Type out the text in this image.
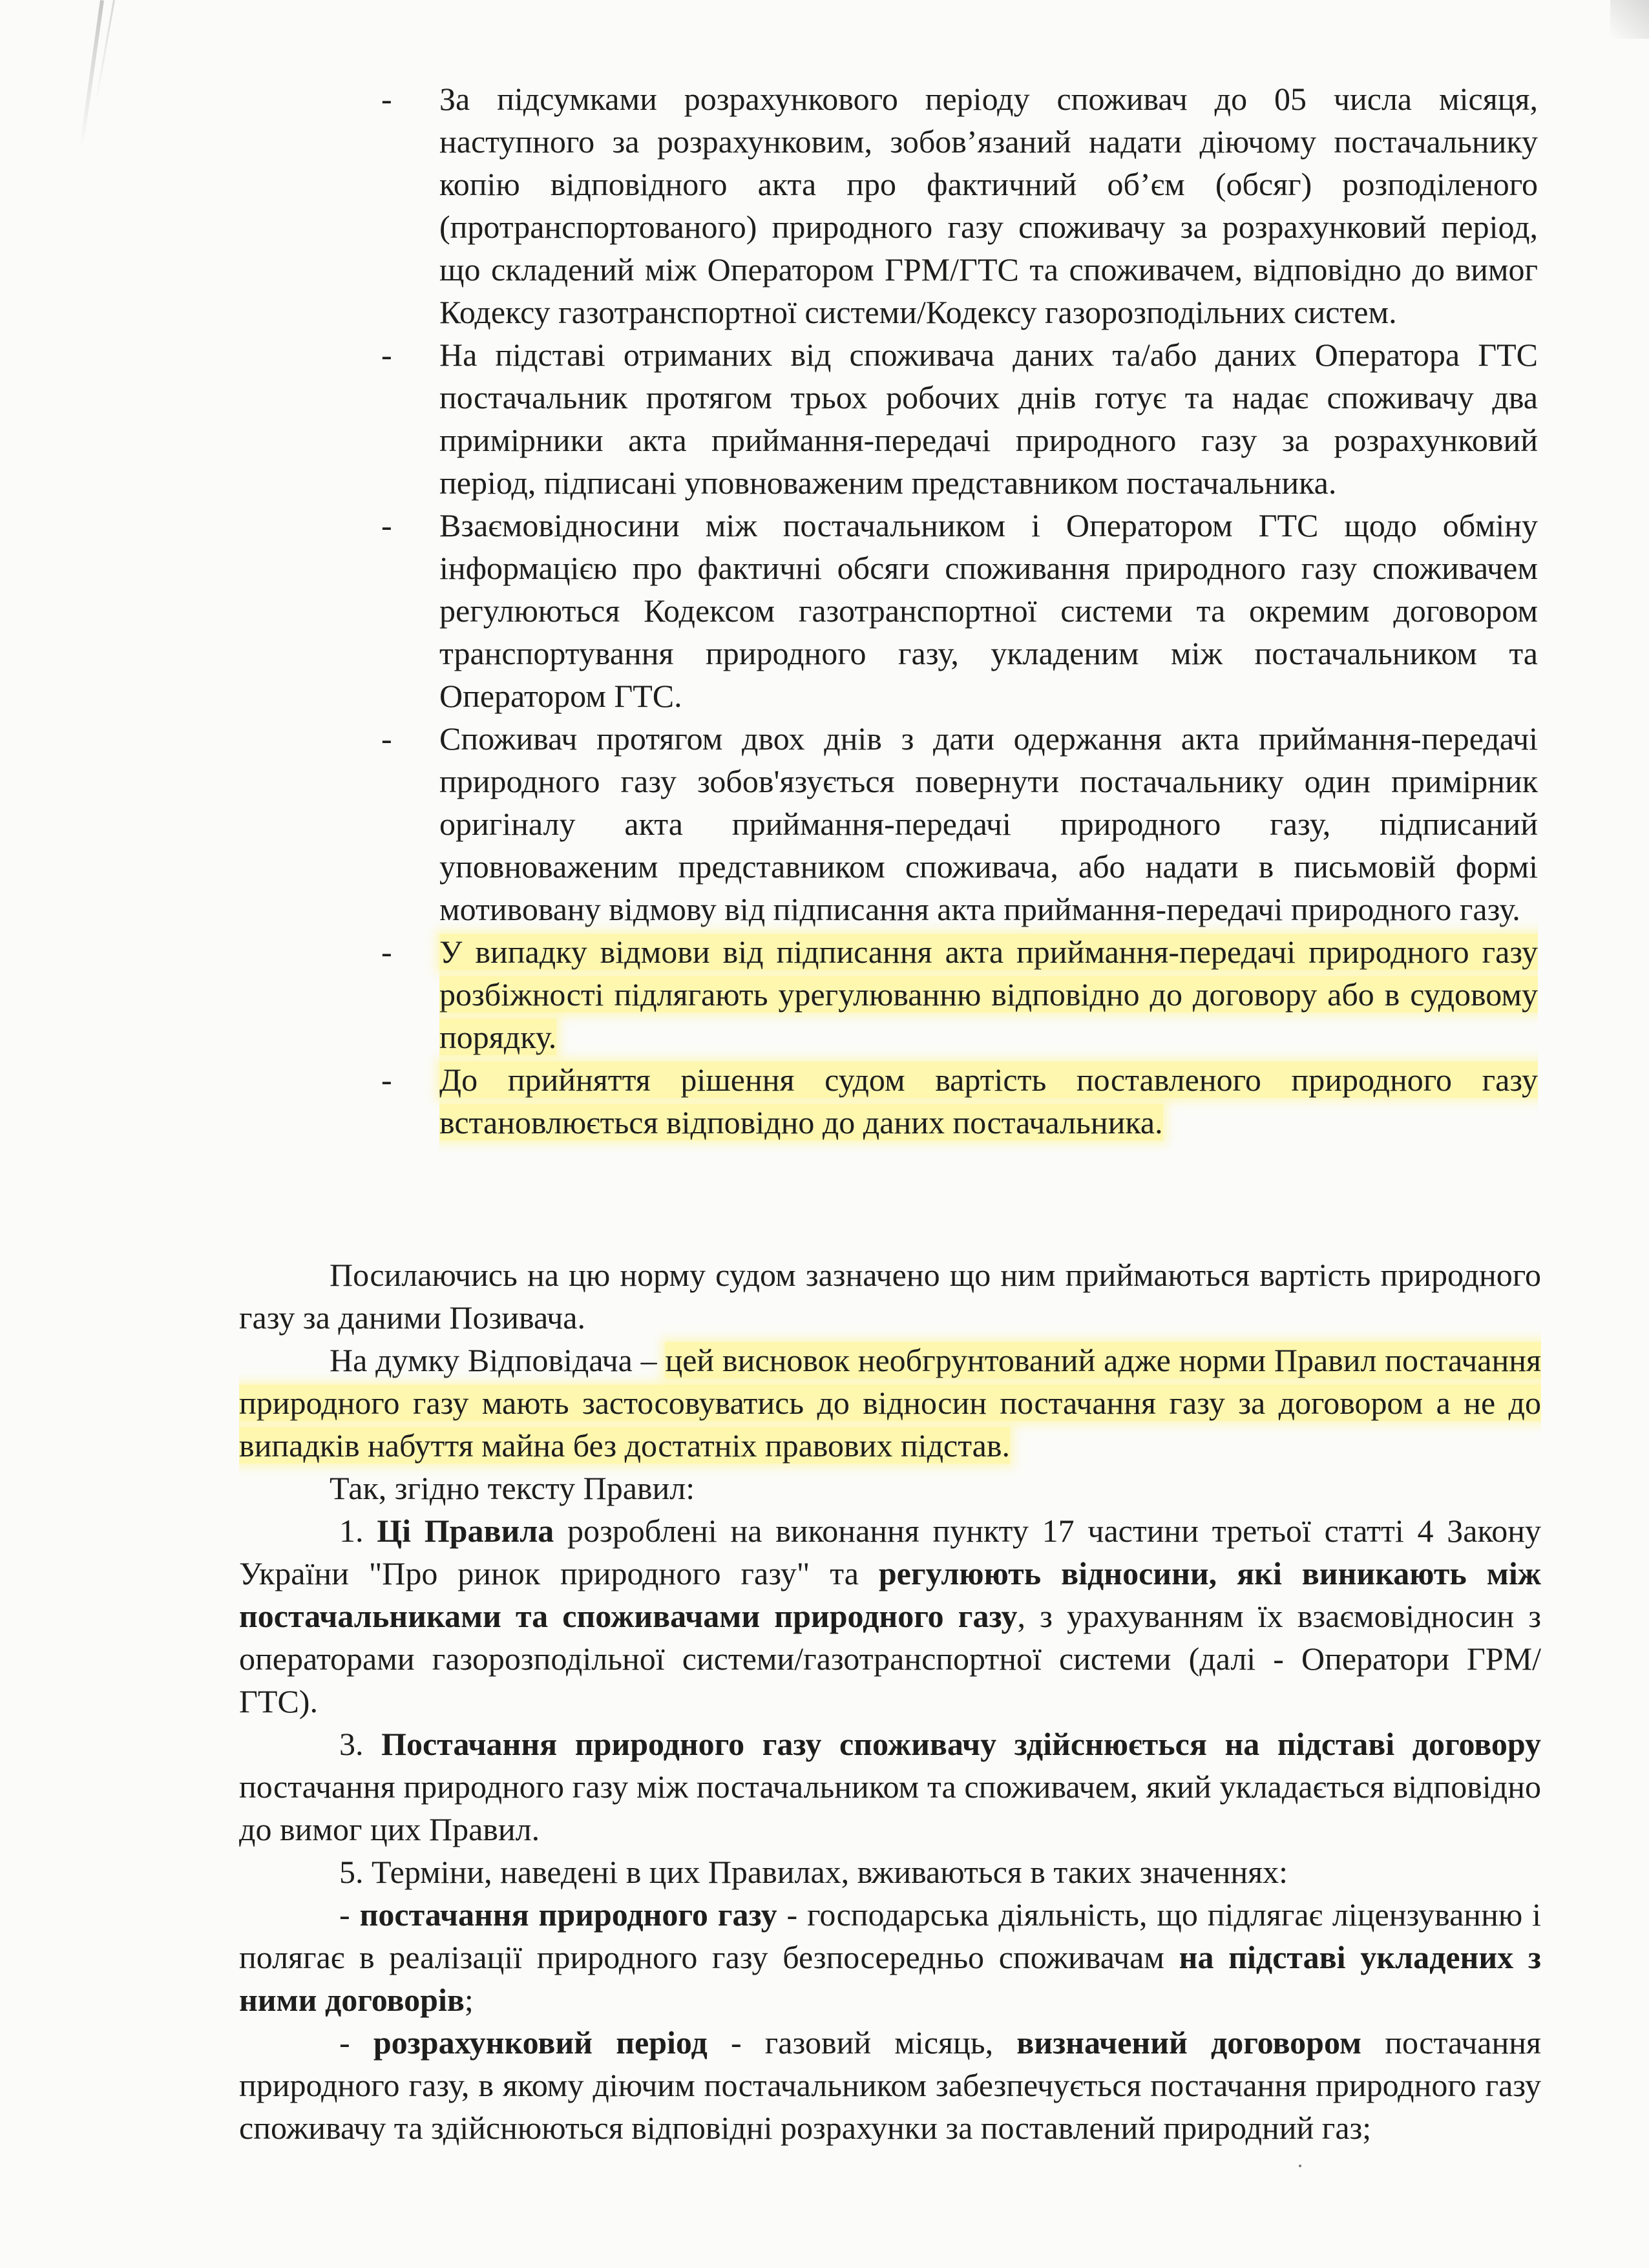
- За підсумками розрахункового періоду споживач до 05 числа місяця, наступного за розрахунковим, зобов’язаний надати діючому постачальнику копію відповідного акта про фактичний об’єм (обсяг) розподіленого (протранспортованого) природного газу споживачу за розрахунковий період, що складений між Оператором ГРМ/ГТС та споживачем, відповідно до вимог Кодексу газотранспортної системи/Кодексу газорозподільних систем.
- На підставі отриманих від споживача даних та/або даних Оператора ГТС постачальник протягом трьох робочих днів готує та надає споживачу два примірники акта приймання-передачі природного газу за розрахунковий період, підписані уповноваженим представником постачальника.
- Взаємовідносини між постачальником і Оператором ГТС щодо обміну інформацією про фактичні обсяги споживання природного газу споживачем регулюються Кодексом газотранспортної системи та окремим договором транспортування природного газу, укладеним між постачальником та Оператором ГТС.
- Споживач протягом двох днів з дати одержання акта приймання-передачі природного газу зобов'язується повернути постачальнику один примірник оригіналу акта приймання-передачі природного газу, підписаний уповноваженим представником споживача, або надати в письмовій формі мотивовану відмову від підписання акта приймання-передачі природного газу.
- У випадку відмови від підписання акта приймання-передачі природного газу розбіжності підлягають урегулюванню відповідно до договору або в судовому порядку.
- До прийняття рішення судом вартість поставленого природного газу встановлюється відповідно до даних постачальника.

Посилаючись на цю норму судом зазначено що ним приймаються вартість природного газу за даними Позивача.

На думку Відповідача – цей висновок необгрунтований адже норми Правил постачання природного газу мають застосовуватись до відносин постачання газу за договором а не до випадків набуття майна без достатніх правових підстав.

Так, згідно тексту Правил:

1. Ці Правила розроблені на виконання пункту 17 частини третьої статті 4 Закону України "Про ринок природного газу" та регулюють відносини, які виникають між постачальниками та споживачами природного газу, з урахуванням їх взаємовідносин з операторами газорозподільної системи/газотранспортної системи (далі - Оператори ГРМ/ГТС).

3. Постачання природного газу споживачу здійснюється на підставі договору постачання природного газу між постачальником та споживачем, який укладається відповідно до вимог цих Правил.

5. Терміни, наведені в цих Правилах, вживаються в таких значеннях:

- постачання природного газу - господарська діяльність, що підлягає ліцензуванню і полягає в реалізації природного газу безпосередньо споживачам на підставі укладених з ними договорів;

- розрахунковий період - газовий місяць, визначений договором постачання природного газу, в якому діючим постачальником забезпечується постачання природного газу споживачу та здійснюються відповідні розрахунки за поставлений природний газ;
